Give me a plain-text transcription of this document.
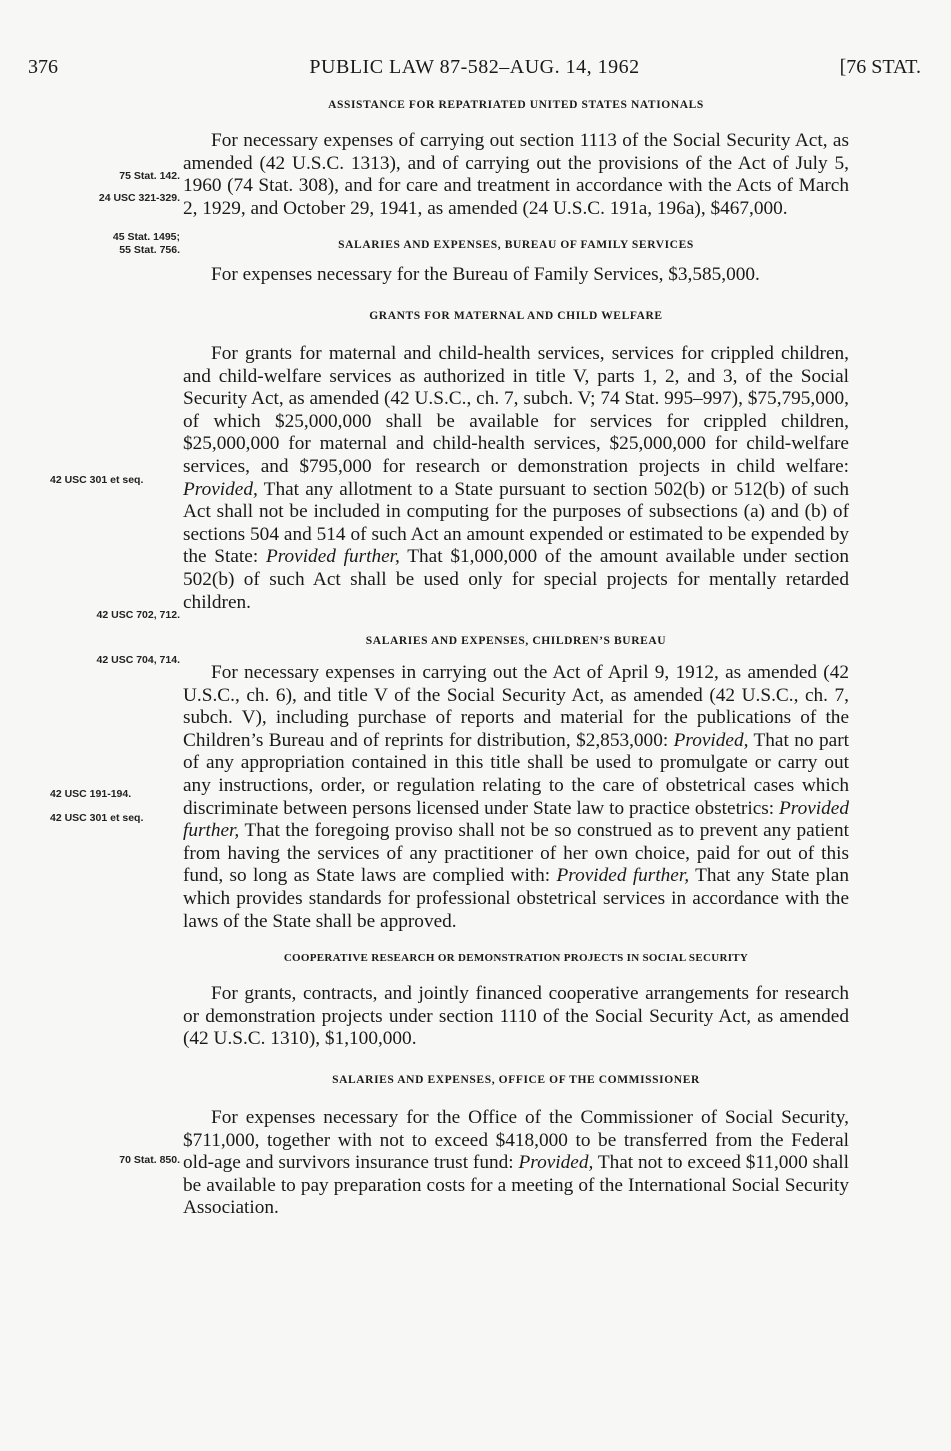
376	PUBLIC LAW 87-582–AUG. 14, 1962	[76 STAT.
75 Stat. 142.
24 USC 321-329.
45 Stat. 1495;
55 Stat. 756.
42 USC 301 et seq.
42 USC 702, 712.
42 USC 704, 714.
42 USC 191-194.
42 USC 301 et seq.
70 Stat. 850.

ASSISTANCE FOR REPATRIATED UNITED STATES NATIONALS

For necessary expenses of carrying out section 1113 of the Social Security Act, as amended (42 U.S.C. 1313), and of carrying out the provisions of the Act of July 5, 1960 (74 Stat. 308), and for care and treatment in accordance with the Acts of March 2, 1929, and October 29, 1941, as amended (24 U.S.C. 191a, 196a), $467,000.

SALARIES AND EXPENSES, BUREAU OF FAMILY SERVICES

For expenses necessary for the Bureau of Family Services, $3,585,000.

GRANTS FOR MATERNAL AND CHILD WELFARE

For grants for maternal and child-health services, services for crippled children, and child-welfare services as authorized in title V, parts 1, 2, and 3, of the Social Security Act, as amended (42 U.S.C., ch. 7, subch. V; 74 Stat. 995–997), $75,795,000, of which $25,000,000 shall be available for services for crippled children, $25,000,000 for maternal and child-health services, $25,000,000 for child-welfare services, and $795,000 for research or demonstration projects in child welfare: Provided, That any allotment to a State pursuant to section 502(b) or 512(b) of such Act shall not be included in computing for the purposes of subsections (a) and (b) of sections 504 and 514 of such Act an amount expended or estimated to be expended by the State: Provided further, That $1,000,000 of the amount available under section 502(b) of such Act shall be used only for special projects for mentally retarded children.

SALARIES AND EXPENSES, CHILDREN’S BUREAU

For necessary expenses in carrying out the Act of April 9, 1912, as amended (42 U.S.C., ch. 6), and title V of the Social Security Act, as amended (42 U.S.C., ch. 7, subch. V), including purchase of reports and material for the publications of the Children’s Bureau and of reprints for distribution, $2,853,000: Provided, That no part of any appropriation contained in this title shall be used to promulgate or carry out any instructions, order, or regulation relating to the care of obstetrical cases which discriminate between persons licensed under State law to practice obstetrics: Provided further, That the foregoing proviso shall not be so construed as to prevent any patient from having the services of any practitioner of her own choice, paid for out of this fund, so long as State laws are complied with: Provided further, That any State plan which provides standards for professional obstetrical services in accordance with the laws of the State shall be approved.

COOPERATIVE RESEARCH OR DEMONSTRATION PROJECTS IN SOCIAL SECURITY

For grants, contracts, and jointly financed cooperative arrangements for research or demonstration projects under section 1110 of the Social Security Act, as amended (42 U.S.C. 1310), $1,100,000.

SALARIES AND EXPENSES, OFFICE OF THE COMMISSIONER

For expenses necessary for the Office of the Commissioner of Social Security, $711,000, together with not to exceed $418,000 to be transferred from the Federal old-age and survivors insurance trust fund: Provided, That not to exceed $11,000 shall be available to pay preparation costs for a meeting of the International Social Security Association.
